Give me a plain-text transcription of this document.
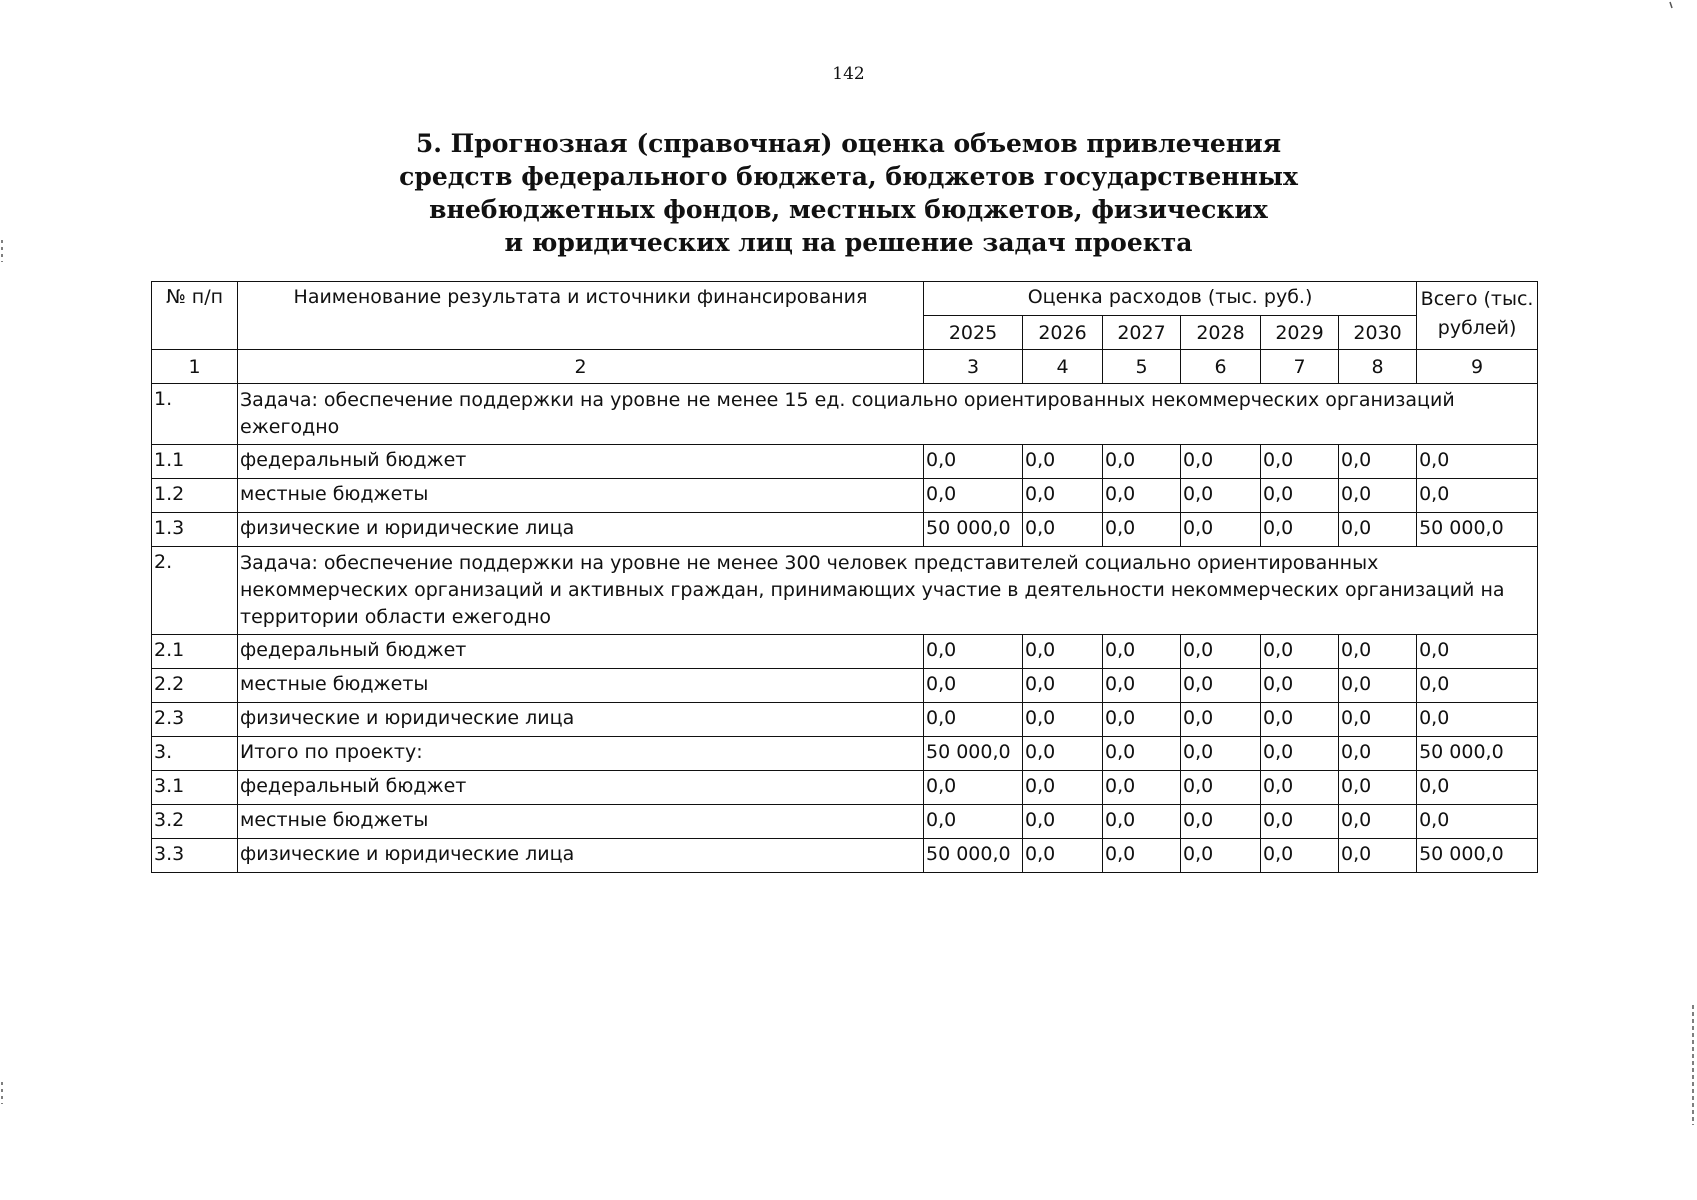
142
5. Прогнозная (справочная) оценка объемов привлечения
средств федерального бюджета, бюджетов государственных
внебюджетных фондов, местных бюджетов, физических
и юридических лиц на решение задач проекта
№ п/п	Наименование результата и источники финансирования	Оценка расходов (тыс. руб.)						Всего (тыс. рублей)
		2025	2026	2027	2028	2029	2030	
1	2	3	4	5	6	7	8	9
1.	Задача: обеспечение поддержки на уровне не менее 15 ед. социально ориентированных некоммерческих организаций ежегодно							
1.1	федеральный бюджет	0,0	0,0	0,0	0,0	0,0	0,0	0,0
1.2	местные бюджеты	0,0	0,0	0,0	0,0	0,0	0,0	0,0
1.3	физические и юридические лица	50 000,0	0,0	0,0	0,0	0,0	0,0	50 000,0
2.	Задача: обеспечение поддержки на уровне не менее 300 человек представителей социально ориентированных некоммерческих организаций и активных граждан, принимающих участие в деятельности некоммерческих организаций на территории области ежегодно							
2.1	федеральный бюджет	0,0	0,0	0,0	0,0	0,0	0,0	0,0
2.2	местные бюджеты	0,0	0,0	0,0	0,0	0,0	0,0	0,0
2.3	физические и юридические лица	0,0	0,0	0,0	0,0	0,0	0,0	0,0
3.	Итого по проекту:	50 000,0	0,0	0,0	0,0	0,0	0,0	50 000,0
3.1	федеральный бюджет	0,0	0,0	0,0	0,0	0,0	0,0	0,0
3.2	местные бюджеты	0,0	0,0	0,0	0,0	0,0	0,0	0,0
3.3	физические и юридические лица	50 000,0	0,0	0,0	0,0	0,0	0,0	50 000,0
